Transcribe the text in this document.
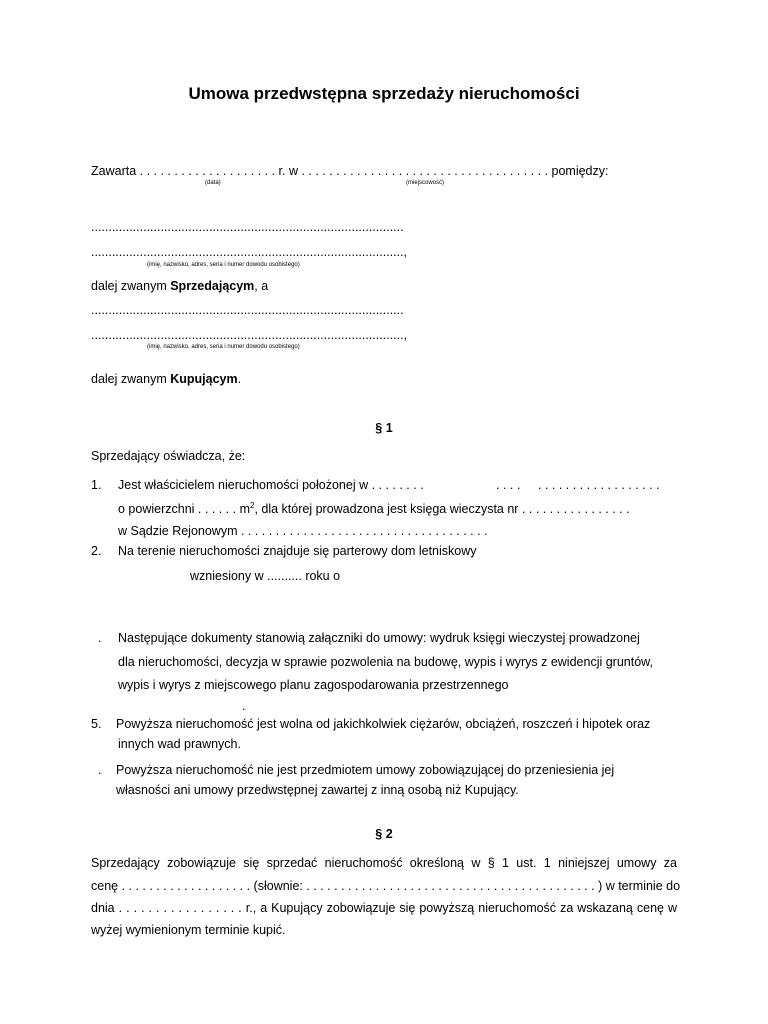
Umowa przedwstępna sprzedaży nieruchomości
Zawarta . . . . . . . . . . . . . . . . . . . . r. w . . . . . . . . . . . . . . . . . . . . . . . . . . . . . . . . . . . . pomiędzy:
(data)	(miejscowość)
..........................................................................................
..........................................................................................,
(imię, nazwisko, adres, seria i numer dowodu osobistego)
dalej zwanym Sprzedającym, a
..........................................................................................
..........................................................................................,
(imię, nazwisko, adres, seria i numer dowodu osobistego)
dalej zwanym Kupującym.
§ 1
Sprzedający oświadcza, że:
1. Jest właścicielem nieruchomości położonej w . . . . . . . .	. . . . . . . . . . . . . . . . . . . . . .
o powierzchni . . . . . . $m^2$, dla której prowadzona jest księga wieczysta nr . . . . . . . . . . . . . . . .
w Sądzie Rejonowym . . . . . . . . . . . . . . . . . . . . . . . . . . . . . . . . . . . .
2. Na terenie nieruchomości znajduje się parterowy dom letniskowy
wzniesiony w .......... roku o
. Następujące dokumenty stanowią załączniki do umowy: wydruk księgi wieczystej prowadzonej
dla nieruchomości, decyzja w sprawie pozwolenia na budowę, wypis i wyrys z ewidencji gruntów,
wypis i wyrys z miejscowego planu zagospodarowania przestrzennego
.
5. Powyższa nieruchomość jest wolna od jakichkolwiek ciężarów, obciążeń, roszczeń i hipotek oraz
innych wad prawnych.
. Powyższa nieruchomość nie jest przedmiotem umowy zobowiązującej do przeniesienia jej
własności ani umowy przedwstępnej zawartej z inną osobą niż Kupujący.
§ 2
Sprzedający zobowiązuje się sprzedać nieruchomość określoną w § 1 ust. 1 niniejszej umowy za
cenę . . . . . . . . . . . . . . . . . . . (słownie: . . . . . . . . . . . . . . . . . . . . . . . . . . . . . . . . . . . . . . . . . . ) w terminie do
dnia . . . . . . . . . . . . . . . . . r., a Kupujący zobowiązuje się powyższą nieruchomość za wskazaną cenę w
wyżej wymienionym terminie kupić.
